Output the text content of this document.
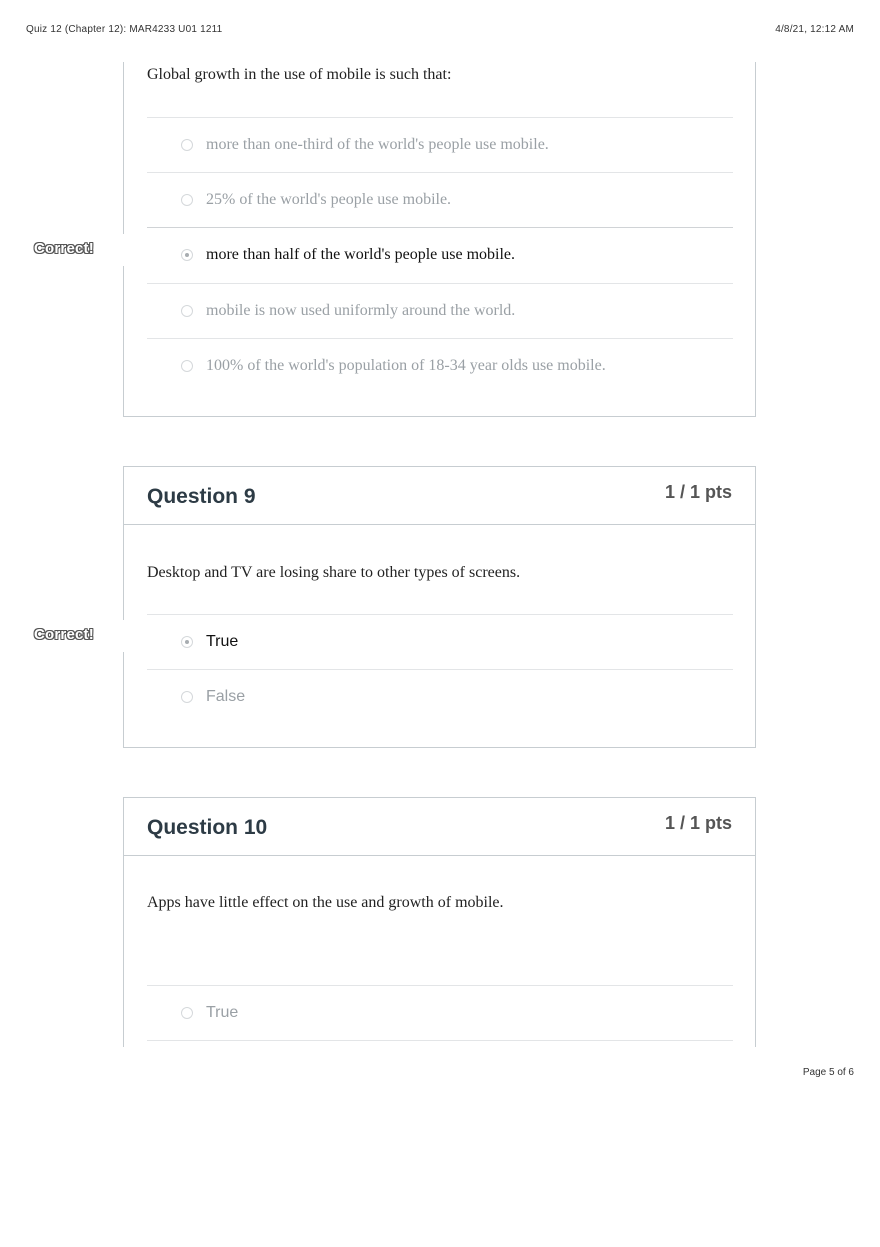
Quiz 12 (Chapter 12): MAR4233 U01 1211	4/8/21, 12:12 AM
Global growth in the use of mobile is such that:
more than one-third of the world's people use mobile.
25% of the world's people use mobile.
more than half of the world's people use mobile.
mobile is now used uniformly around the world.
100% of the world's population of 18-34 year olds use mobile.
Correct!
Question 9	1 / 1 pts
Desktop and TV are losing share to other types of screens.
True
False
Correct!
Question 10	1 / 1 pts
Apps have little effect on the use and growth of mobile.
True
Page 5 of 6
